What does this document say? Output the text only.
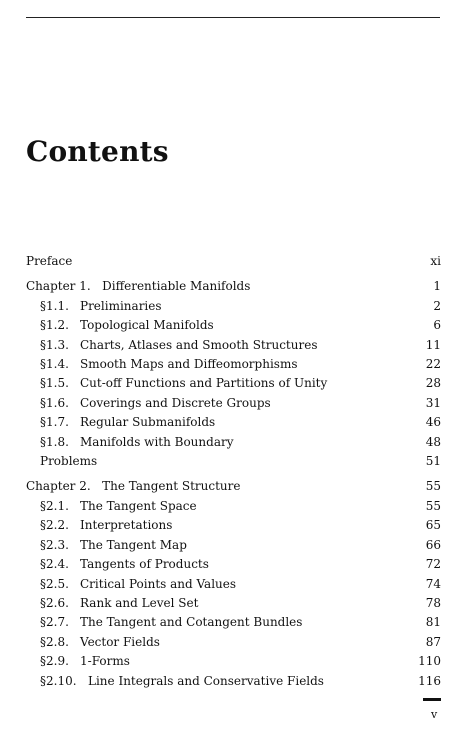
Contents
Preface	xi
Chapter 1. Differentiable Manifolds	1
§1.1. Preliminaries	2
§1.2. Topological Manifolds	6
§1.3. Charts, Atlases and Smooth Structures	11
§1.4. Smooth Maps and Diffeomorphisms	22
§1.5. Cut-off Functions and Partitions of Unity	28
§1.6. Coverings and Discrete Groups	31
§1.7. Regular Submanifolds	46
§1.8. Manifolds with Boundary	48
Problems	51
Chapter 2. The Tangent Structure	55
§2.1. The Tangent Space	55
§2.2. Interpretations	65
§2.3. The Tangent Map	66
§2.4. Tangents of Products	72
§2.5. Critical Points and Values	74
§2.6. Rank and Level Set	78
§2.7. The Tangent and Cotangent Bundles	81
§2.8. Vector Fields	87
§2.9. 1-Forms	110
§2.10. Line Integrals and Conservative Fields	116
v
